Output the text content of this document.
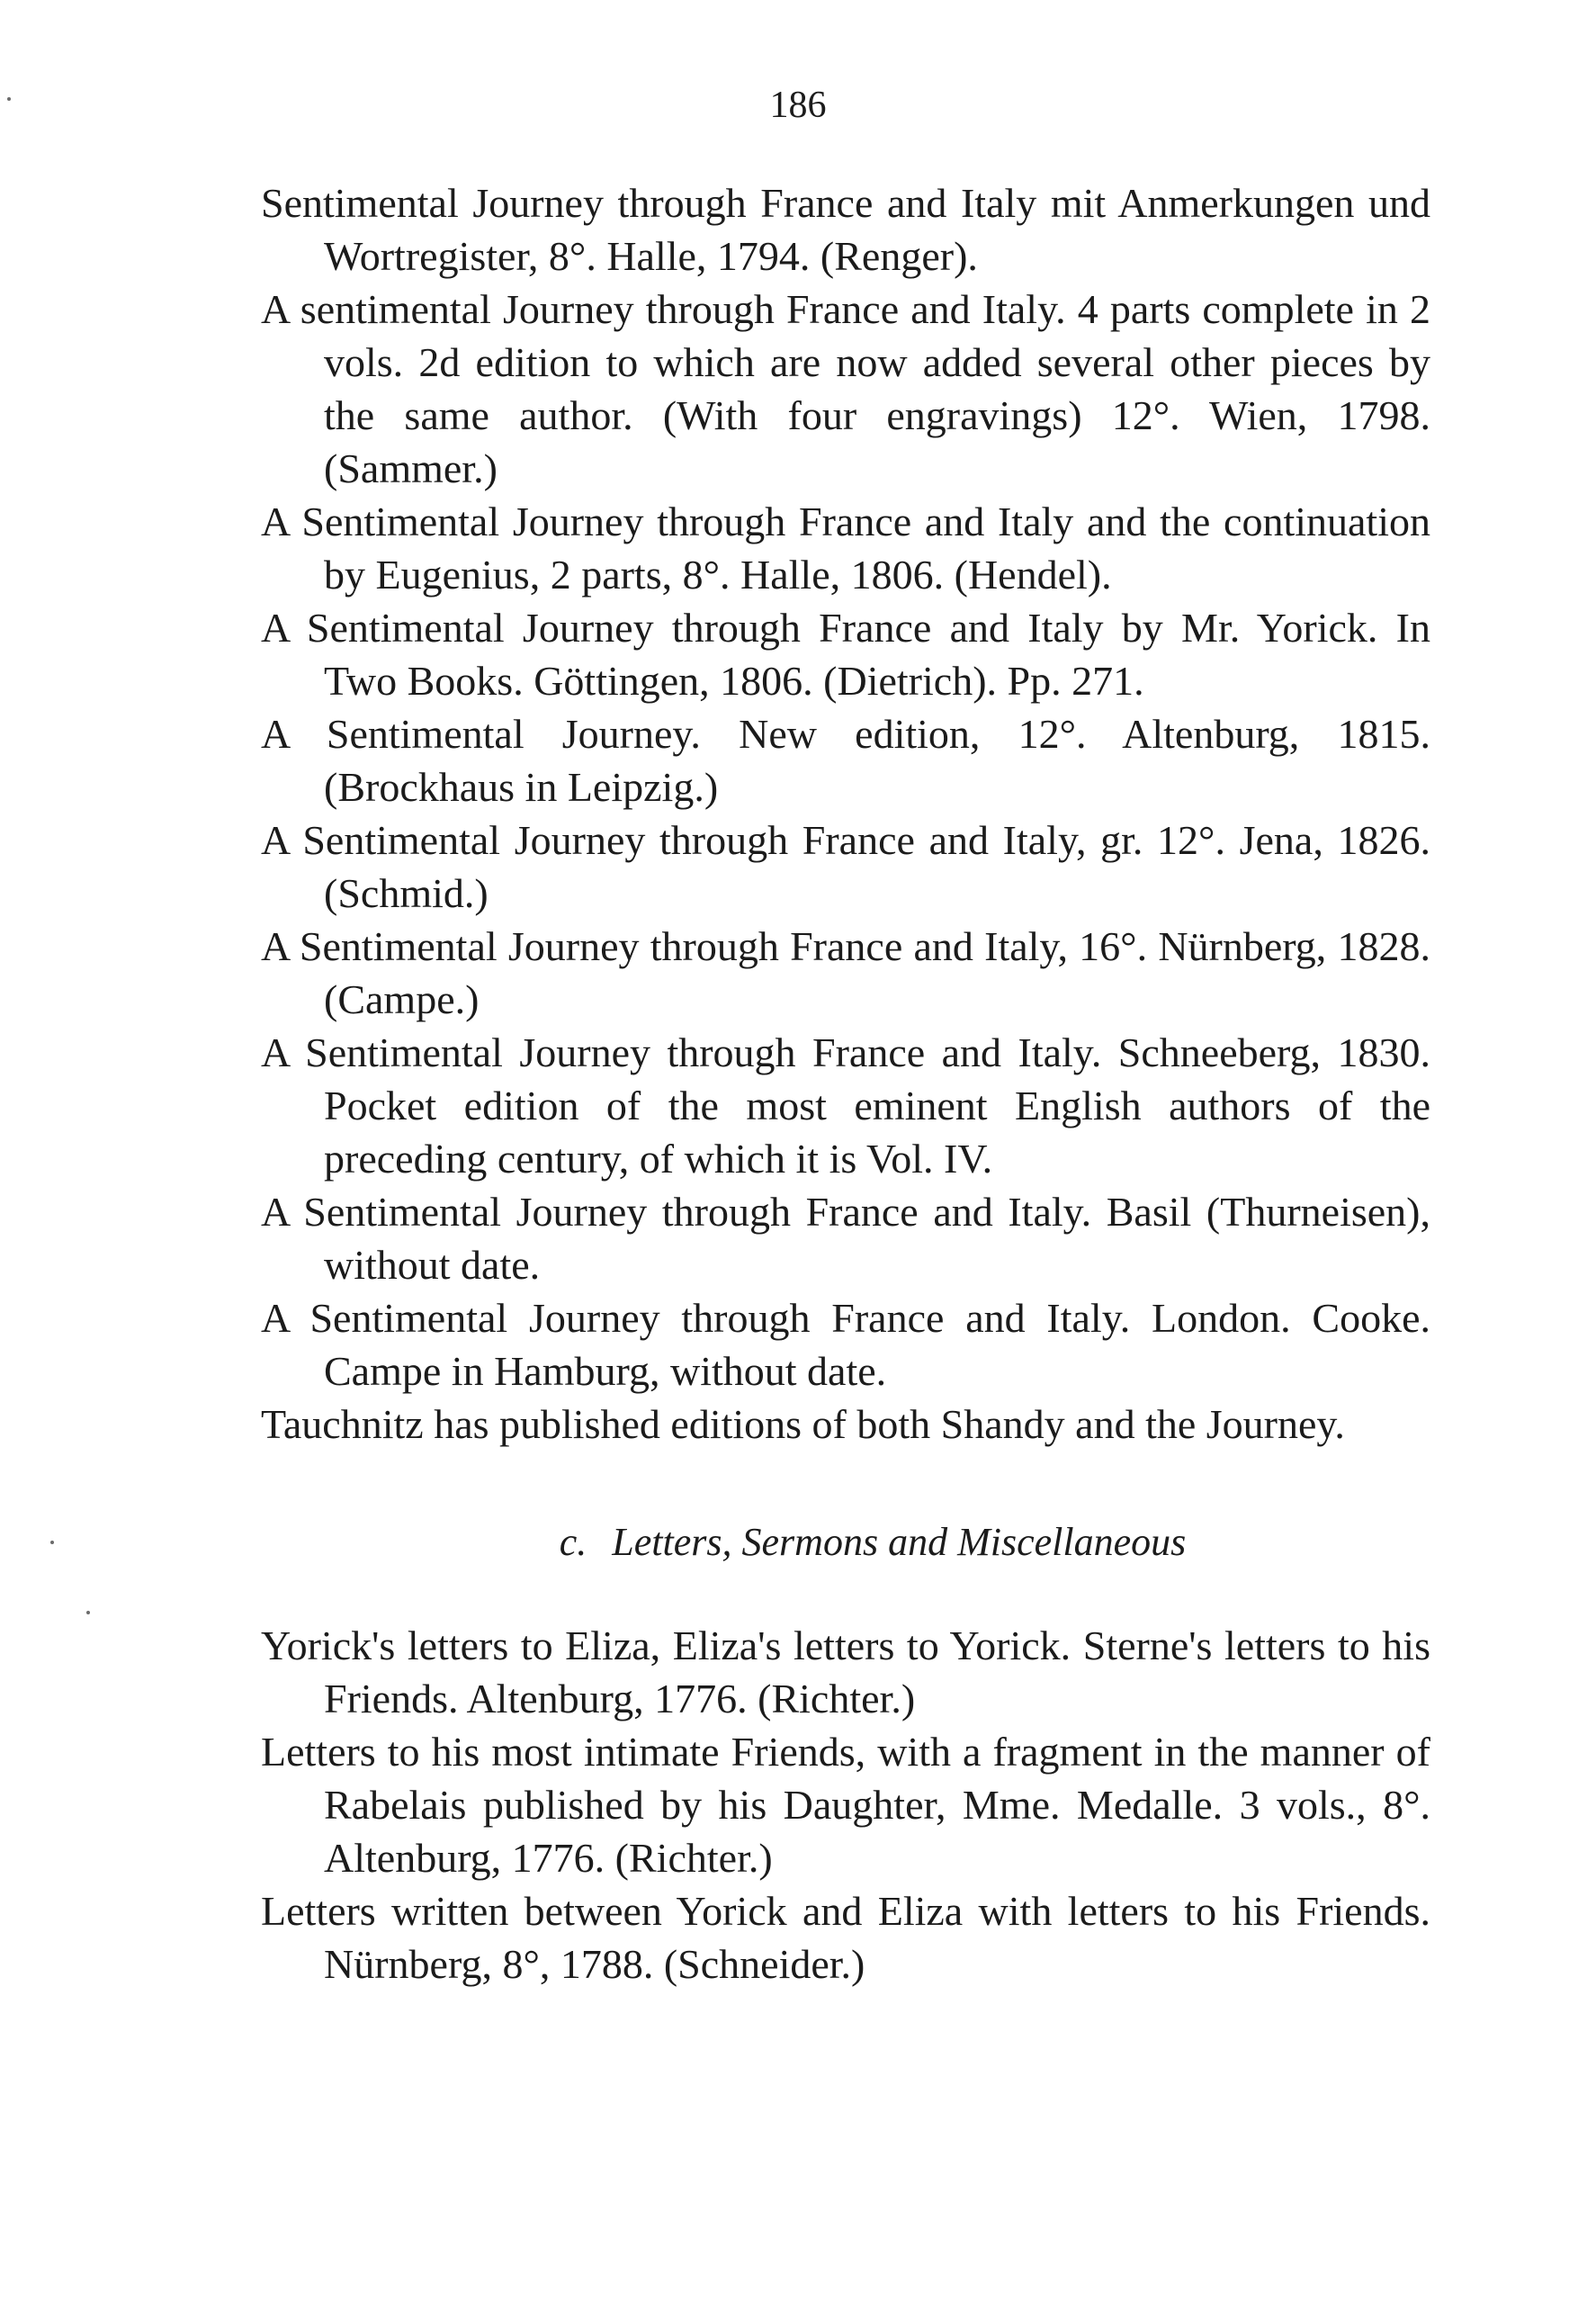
186

Sentimental Journey through France and Italy mit Anmerkungen und Wortregister, 8°. Halle, 1794. (Renger).

A sentimental Journey through France and Italy. 4 parts complete in 2 vols. 2d edition to which are now added several other pieces by the same author. (With four engravings) 12°. Wien, 1798. (Sammer.)

A Sentimental Journey through France and Italy and the continuation by Eugenius, 2 parts, 8°. Halle, 1806. (Hendel).

A Sentimental Journey through France and Italy by Mr. Yorick. In Two Books. Göttingen, 1806. (Dietrich). Pp. 271.

A Sentimental Journey. New edition, 12°. Altenburg, 1815. (Brockhaus in Leipzig.)

A Sentimental Journey through France and Italy, gr. 12°. Jena, 1826. (Schmid.)

A Sentimental Journey through France and Italy, 16°. Nürnberg, 1828. (Campe.)

A Sentimental Journey through France and Italy. Schneeberg, 1830. Pocket edition of the most eminent English authors of the preceding century, of which it is Vol. IV.

A Sentimental Journey through France and Italy. Basil (Thurneisen), without date.

A Sentimental Journey through France and Italy. London. Cooke. Campe in Hamburg, without date.

Tauchnitz has published editions of both Shandy and the Journey.

c. Letters, Sermons and Miscellaneous

Yorick's letters to Eliza, Eliza's letters to Yorick. Sterne's letters to his Friends. Altenburg, 1776. (Richter.)

Letters to his most intimate Friends, with a fragment in the manner of Rabelais published by his Daughter, Mme. Medalle. 3 vols., 8°. Altenburg, 1776. (Richter.)

Letters written between Yorick and Eliza with letters to his Friends. Nürnberg, 8°, 1788. (Schneider.)
